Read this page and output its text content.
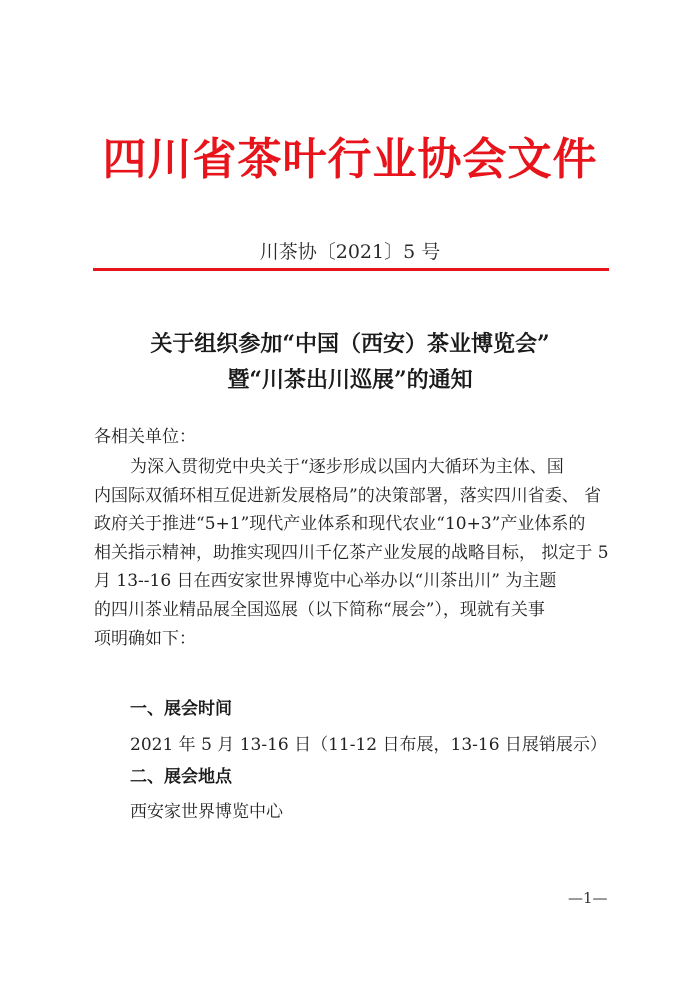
四川省茶叶行业协会文件
川茶协〔2021〕5 号
关于组织参加“中国（西安）茶业博览会”
暨“川茶出川巡展”的通知
各相关单位：
为深入贯彻党中央关于“逐步形成以国内大循环为主体、国
内国际双循环相互促进新发展格局”的决策部署，落实四川省委、 省
政府关于推进“5+1”现代产业体系和现代农业“10+3”产业体系的
相关指示精神，助推实现四川千亿茶产业发展的战略目标， 拟定于 5
月 13--16 日在西安家世界博览中心举办以“川茶出川” 为主题
的四川茶业精品展全国巡展（以下简称“展会”），现就有关事
项明确如下：
一、展会时间
2021 年 5 月 13-16 日（11-12 日布展，13-16 日展销展示）
二、展会地点
西安家世界博览中心
—1—
